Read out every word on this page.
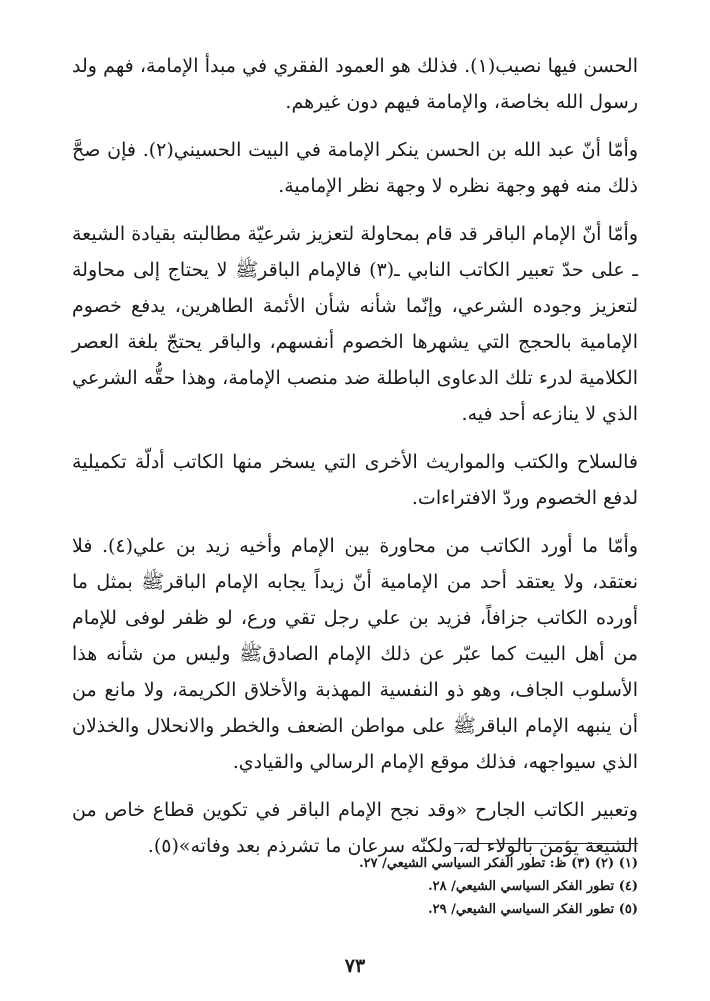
الحسن فيها نصيب(١). فذلك هو العمود الفقري في مبدأ الإمامة، فهم ولد رسول الله بخاصة، والإمامة فيهم دون غيرهم.

وأمّا أنّ عبد الله بن الحسن ينكر الإمامة في البيت الحسيني(٢). فإن صحَّ ذلك منه فهو وجهة نظره لا وجهة نظر الإمامية.

وأمّا أنّ الإمام الباقر قد قام بمحاولة لتعزيز شرعيّة مطالبته بقيادة الشيعة ـ على حدّ تعبير الكاتب النابي ـ(٣) فالإمام الباقرﷺ لا يحتاج إلى محاولة لتعزيز وجوده الشرعي، وإنّما شأنه شأن الأئمة الطاهرين، يدفع خصوم الإمامية بالحجج التي يشهرها الخصوم أنفسهم، والباقر يحتجّ بلغة العصر الكلامية لدرء تلك الدعاوى الباطلة ضد منصب الإمامة، وهذا حقُّه الشرعي الذي لا ينازعه أحد فيه.

فالسلاح والكتب والمواريث الأخرى التي يسخر منها الكاتب أدلّة تكميلية لدفع الخصوم وردّ الافتراءات.

وأمّا ما أورد الكاتب من محاورة بين الإمام وأخيه زيد بن علي(٤). فلا نعتقد، ولا يعتقد أحد من الإمامية أنّ زيداً يجابه الإمام الباقرﷺ بمثل ما أورده الكاتب جزافاً، فزيد بن علي رجل تقي ورع، لو ظفر لوفى للإمام من أهل البيت كما عبّر عن ذلك الإمام الصادقﷺ وليس من شأنه هذا الأسلوب الجاف، وهو ذو النفسية المهذبة والأخلاق الكريمة، ولا مانع من أن ينبهه الإمام الباقرﷺ على مواطن الضعف والخطر والانحلال والخذلان الذي سيواجهه، فذلك موقع الإمام الرسالي والقيادي.

وتعبير الكاتب الجارح «وقد نجح الإمام الباقر في تكوين قطاع خاص من الشيعة يؤمن بالولاء له، ولكنّه سرعان ما تشرذم بعد وفاته»(٥).

(١) (٢) (٣) ظ: تطور الفكر السياسي الشيعي/ ٢٧.
(٤) تطور الفكر السياسي الشيعي/ ٢٨.
(٥) تطور الفكر السياسي الشيعي/ ٢٩.
٧٣
